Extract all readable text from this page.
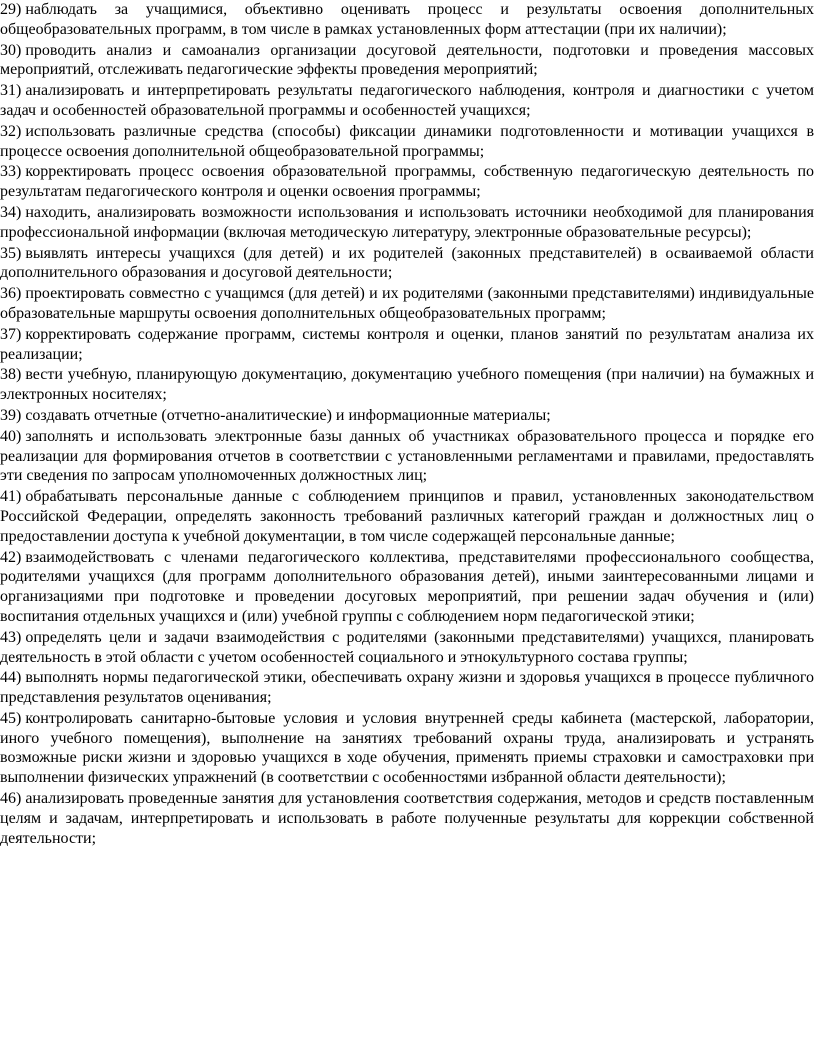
29) наблюдать за учащимися, объективно оценивать процесс и результаты освоения дополнительных общеобразовательных программ, в том числе в рамках установленных форм аттестации (при их наличии);
30) проводить анализ и самоанализ организации досуговой деятельности, подготовки и проведения массовых мероприятий, отслеживать педагогические эффекты проведения мероприятий;
31) анализировать и интерпретировать результаты педагогического наблюдения, контроля и диагностики с учетом задач и особенностей образовательной программы и особенностей учащихся;
32) использовать различные средства (способы) фиксации динамики подготовленности и мотивации учащихся в процессе освоения дополнительной общеобразовательной программы;
33) корректировать процесс освоения образовательной программы, собственную педагогическую деятельность по результатам педагогического контроля и оценки освоения программы;
34) находить, анализировать возможности использования и использовать источники необходимой для планирования профессиональной информации (включая методическую литературу, электронные образовательные ресурсы);
35) выявлять интересы учащихся (для детей) и их родителей (законных представителей) в осваиваемой области дополнительного образования и досуговой деятельности;
36) проектировать совместно с учащимся (для детей) и их родителями (законными представителями) индивидуальные образовательные маршруты освоения дополнительных общеобразовательных программ;
37) корректировать содержание программ, системы контроля и оценки, планов занятий по результатам анализа их реализации;
38) вести учебную, планирующую документацию, документацию учебного помещения (при наличии) на бумажных и электронных носителях;
39) создавать отчетные (отчетно-аналитические) и информационные материалы;
40) заполнять и использовать электронные базы данных об участниках образовательного процесса и порядке его реализации для формирования отчетов в соответствии с установленными регламентами и правилами, предоставлять эти сведения по запросам уполномоченных должностных лиц;
41) обрабатывать персональные данные с соблюдением принципов и правил, установленных законодательством Российской Федерации, определять законность требований различных категорий граждан и должностных лиц о предоставлении доступа к учебной документации, в том числе содержащей персональные данные;
42) взаимодействовать с членами педагогического коллектива, представителями профессионального сообщества, родителями учащихся (для программ дополнительного образования детей), иными заинтересованными лицами и организациями при подготовке и проведении досуговых мероприятий, при решении задач обучения и (или) воспитания отдельных учащихся и (или) учебной группы с соблюдением норм педагогической этики;
43) определять цели и задачи взаимодействия с родителями (законными представителями) учащихся, планировать деятельность в этой области с учетом особенностей социального и этнокультурного состава группы;
44) выполнять нормы педагогической этики, обеспечивать охрану жизни и здоровья учащихся в процессе публичного представления результатов оценивания;
45) контролировать санитарно-бытовые условия и условия внутренней среды кабинета (мастерской, лаборатории, иного учебного помещения), выполнение на занятиях требований охраны труда, анализировать и устранять возможные риски жизни и здоровью учащихся в ходе обучения, применять приемы страховки и самостраховки при выполнении физических упражнений (в соответствии с особенностями избранной области деятельности);
46) анализировать проведенные занятия для установления соответствия содержания, методов и средств поставленным целям и задачам, интерпретировать и использовать в работе полученные результаты для коррекции собственной деятельности;
